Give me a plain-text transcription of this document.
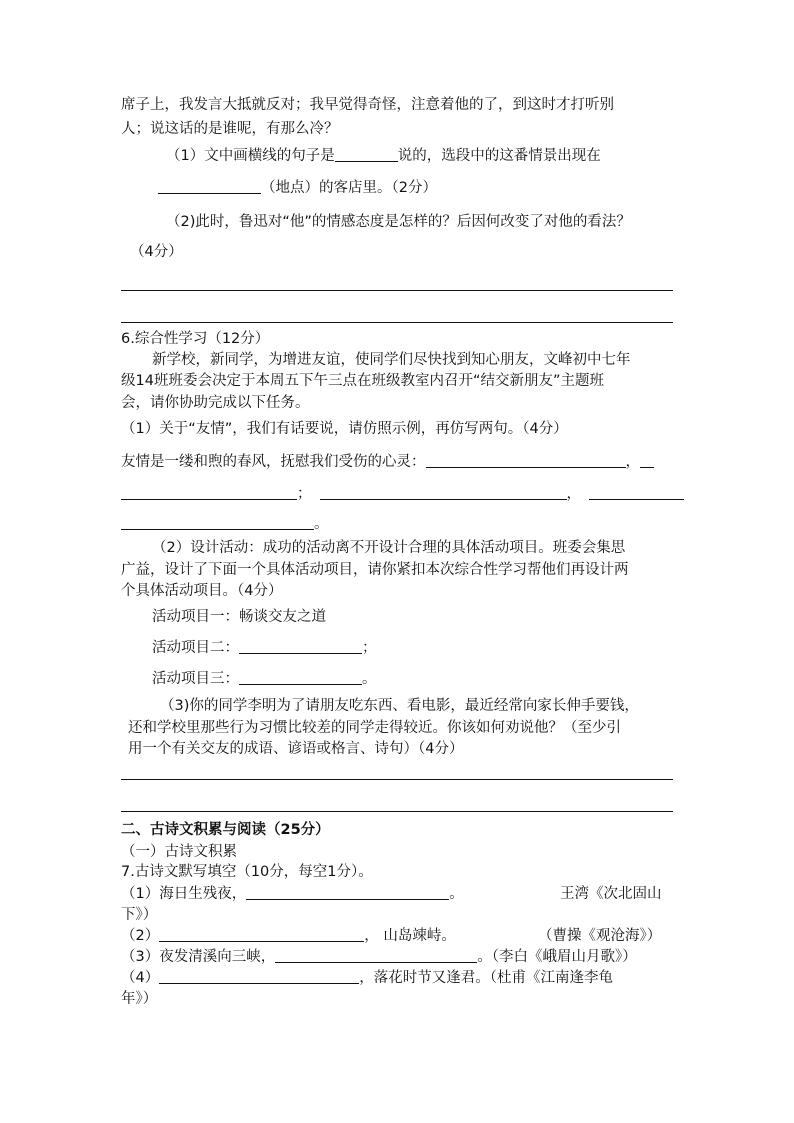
席子上，我发言大抵就反对；我早觉得奇怪，注意着他的了，到这时才打听别
人；说这话的是谁呢，有那么冷？
（1）文中画横线的句子是	说的，选段中的这番情景出现在
（地点）的客店里。（2分）
（2)此时，鲁迅对“他”的情感态度是怎样的？后因何改变了对他的看法？
（4分）
6.综合性学习（12分）
新学校，新同学，为增进友谊，使同学们尽快找到知心朋友，文峰初中七年
级14班班委会决定于本周五下午三点在班级教室内召开“结交新朋友”主题班
会，请你协助完成以下任务。
（1）关于“友情”，我们有话要说，请仿照示例，再仿写两句。（4分）
友情是一缕和煦的春风，抚慰我们受伤的心灵：	，
；	，
。
（2）设计活动：成功的活动离不开设计合理的具体活动项目。班委会集思
广益，设计了下面一个具体活动项目，请你紧扣本次综合性学习帮他们再设计两
个具体活动项目。（4分）
活动项目一：畅谈交友之道
活动项目二：	；
活动项目三：	。
（3)你的同学李明为了请朋友吃东西、看电影，最近经常向家长伸手要钱，
还和学校里那些行为习惯比较差的同学走得较近。你该如何劝说他？（至少引
用一个有关交友的成语、谚语或格言、诗句）（4分）
二、古诗文积累与阅读（25分）
（一）古诗文积累
7.古诗文默写填空（10分，每空1分）。
（1）海日生残夜，	。	王湾《次北固山
下》）
（2）	， 山岛竦峙。	（曹操《观沧海》）
（3）夜发清溪向三峡，	。（李白《峨眉山月歌》）
（4）	，落花时节又逢君。（杜甫《江南逢李龟
年》）
